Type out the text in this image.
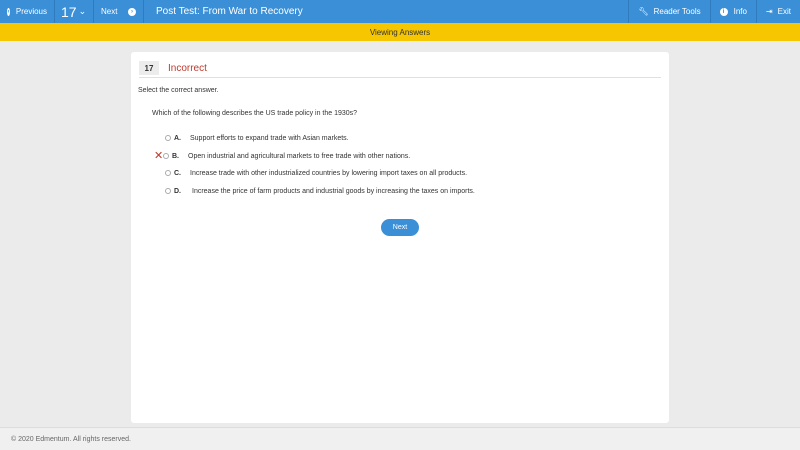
‹ Previous 17 ⌄ Next	›	Post Test: From War to Recovery	🔧︎ Reader Tools	i	Info ⇥ Exit
Viewing Answers
17	Incorrect
Select the correct answer.
Which of the following describes the US trade policy in the 1930s?
A. Support efforts to expand trade with Asian markets.
✕ B. Open industrial and agricultural markets to free trade with other nations.
C. Increase trade with other industrialized countries by lowering import taxes on all products.
D. Increase the price of farm products and industrial goods by increasing the taxes on imports.
Next
© 2020 Edmentum. All rights reserved.
